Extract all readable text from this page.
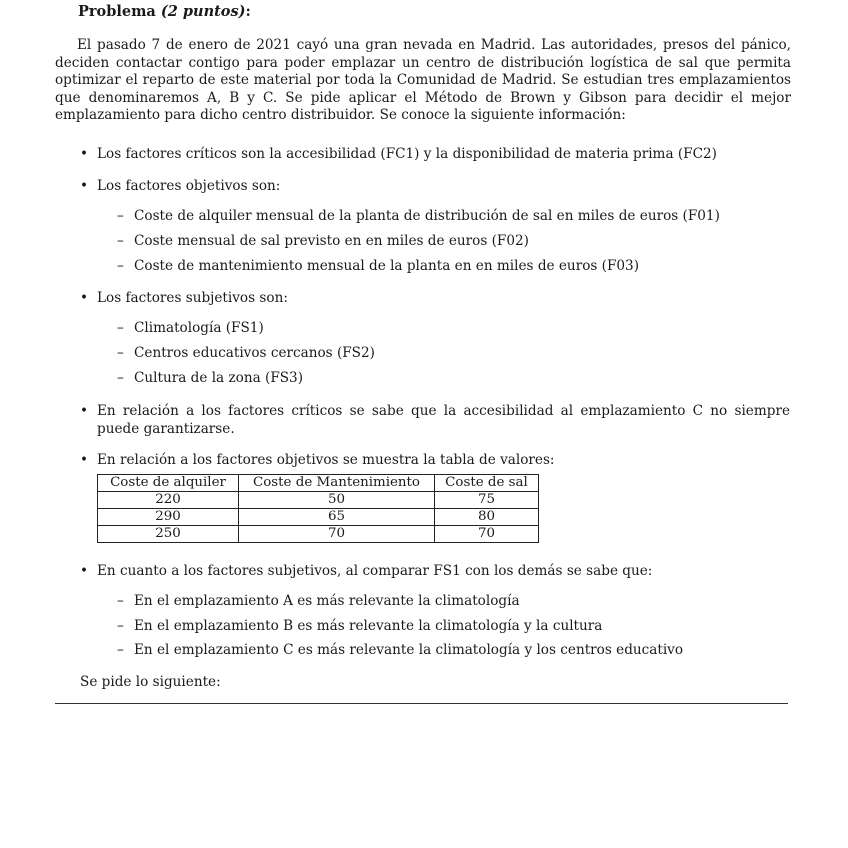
Problema (2 puntos):

El pasado 7 de enero de 2021 cayó una gran nevada en Madrid. Las autoridades, presos del pánico, deciden contactar contigo para poder emplazar un centro de distribución logística de sal que permita optimizar el reparto de este material por toda la Comunidad de Madrid. Se estudian tres emplazamientos que denominaremos A, B y C. Se pide aplicar el Método de Brown y Gibson para decidir el mejor emplazamiento para dicho centro distribuidor. Se conoce la siguiente información:

• Los factores críticos son la accesibilidad (FC1) y la disponibilidad de materia prima (FC2)
• Los factores objetivos son:
– Coste de alquiler mensual de la planta de distribución de sal en miles de euros (F01)
– Coste mensual de sal previsto en en miles de euros (F02)
– Coste de mantenimiento mensual de la planta en en miles de euros (F03)
• Los factores subjetivos son:
– Climatología (FS1)
– Centros educativos cercanos (FS2)
– Cultura de la zona (FS3)
• En relación a los factores críticos se sabe que la accesibilidad al emplazamiento C no siempre puede garantizarse.
• En relación a los factores objetivos se muestra la tabla de valores:
Coste de alquiler	Coste de Mantenimiento	Coste de sal
220	50	75
290	65	80
250	70	70
• En cuanto a los factores subjetivos, al comparar FS1 con los demás se sabe que:
– En el emplazamiento A es más relevante la climatología
– En el emplazamiento B es más relevante la climatología y la cultura
– En el emplazamiento C es más relevante la climatología y los centros educativo
Se pide lo siguiente:
